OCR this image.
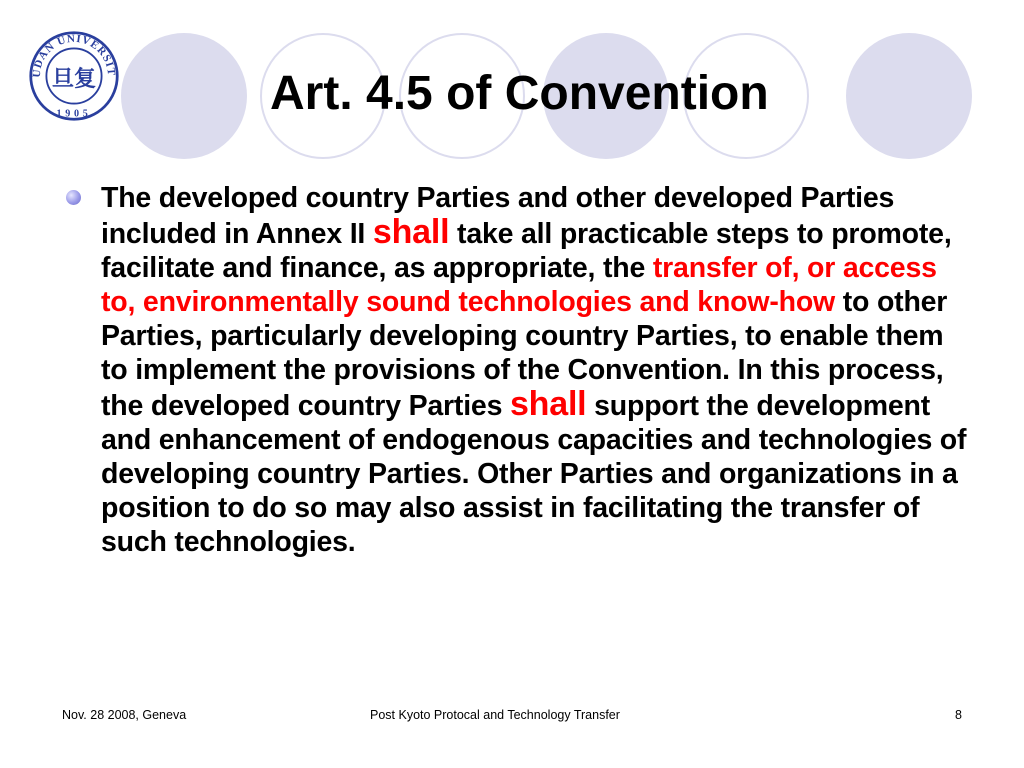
UDAN UNIVERSIT
1905
旦复	Art. 4.5 of Convention

The developed country Parties and other developed Parties included in Annex II shall take all practicable steps to promote, facilitate and finance, as appropriate, the transfer of, or access to, environmentally sound technologies and know-how to other Parties, particularly developing country Parties, to enable them to implement the provisions of the Convention. In this process, the developed country Parties shall support the development and enhancement of endogenous capacities and technologies of developing country Parties. Other Parties and organizations in a position to do so may also assist in facilitating the transfer of such technologies.

Nov. 28 2008, Geneva	Post Kyoto Protocal and Technology Transfer	8
